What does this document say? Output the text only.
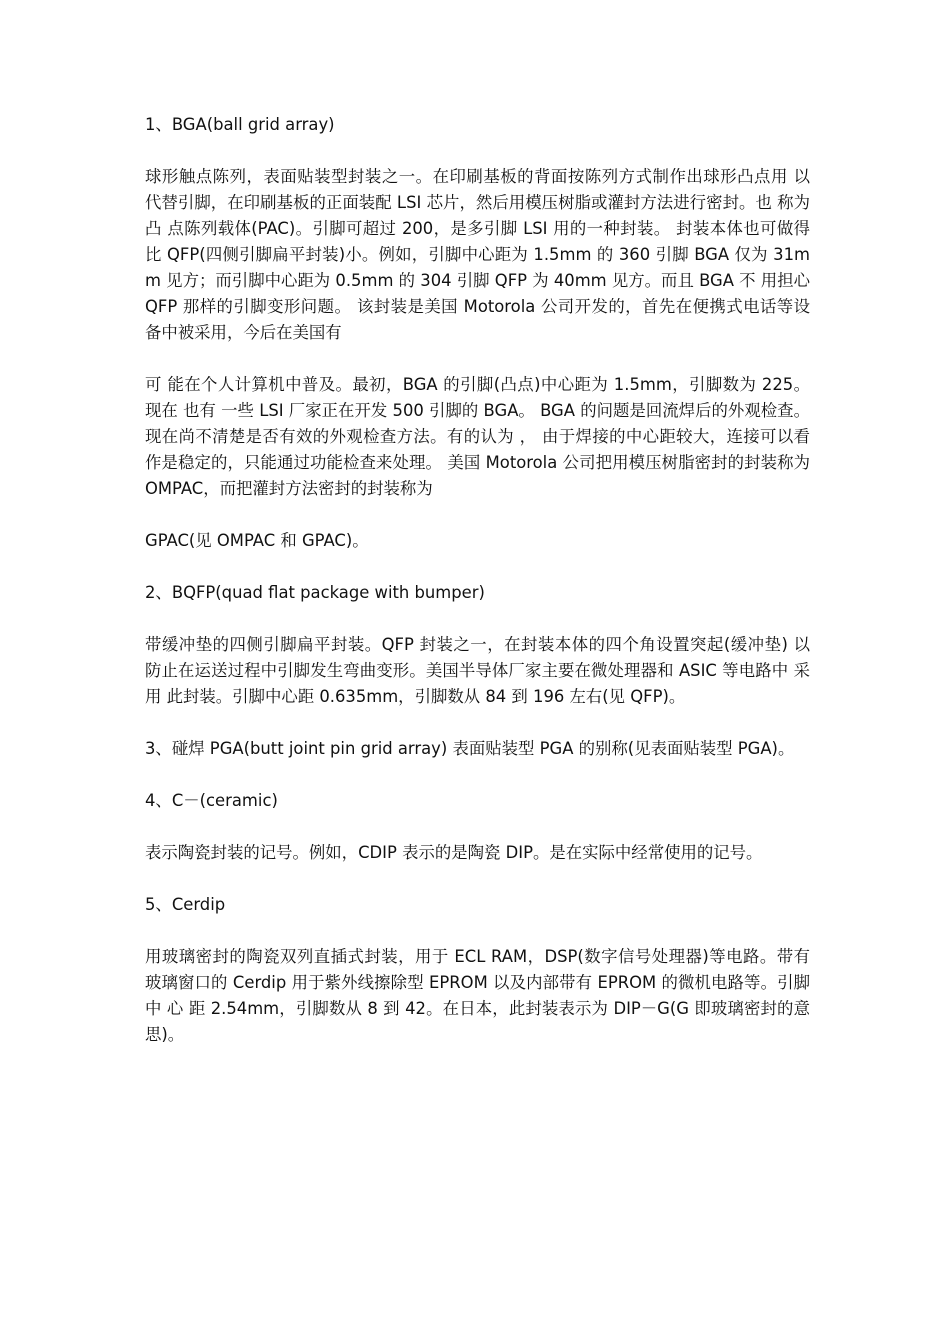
1、BGA(ball grid array)

球形触点陈列，表面贴装型封装之一。在印刷基板的背面按陈列方式制作出球形凸点用 以 代替引脚，在印刷基板的正面装配 LSI 芯片，然后用模压树脂或灌封方法进行密封。也 称为凸 点陈列载体(PAC)。引脚可超过 200，是多引脚 LSI 用的一种封装。 封装本体也可做得比 QFP(四侧引脚扁平封装)小。例如，引脚中心距为 1.5mm 的 360 引脚 BGA 仅为 31mm 见方；而引脚中心距为 0.5mm 的 304 引脚 QFP 为 40mm 见方。而且 BGA 不 用担心 QFP 那样的引脚变形问题。 该封装是美国 Motorola 公司开发的，首先在便携式电话等设备中被采用，今后在美国有

可 能在个人计算机中普及。最初，BGA 的引脚(凸点)中心距为 1.5mm，引脚数为 225。现在 也有 一些 LSI 厂家正在开发 500 引脚的 BGA。 BGA 的问题是回流焊后的外观检查。现在尚不清楚是否有效的外观检查方法。有的认为 ， 由于焊接的中心距较大，连接可以看作是稳定的，只能通过功能检查来处理。 美国 Motorola 公司把用模压树脂密封的封装称为 OMPAC，而把灌封方法密封的封装称为

GPAC(见 OMPAC 和 GPAC)。

2、BQFP(quad flat package with bumper)

带缓冲垫的四侧引脚扁平封装。QFP 封装之一，在封装本体的四个角设置突起(缓冲垫) 以 防止在运送过程中引脚发生弯曲变形。美国半导体厂家主要在微处理器和 ASIC 等电路中 采用 此封装。引脚中心距 0.635mm，引脚数从 84 到 196 左右(见 QFP)。

3、碰焊 PGA(butt joint pin grid array) 表面贴装型 PGA 的别称(见表面贴装型 PGA)。

4、C－(ceramic)

表示陶瓷封装的记号。例如，CDIP 表示的是陶瓷 DIP。是在实际中经常使用的记号。

5、Cerdip

用玻璃密封的陶瓷双列直插式封装，用于 ECL RAM，DSP(数字信号处理器)等电路。带有 玻璃窗口的 Cerdip 用于紫外线擦除型 EPROM 以及内部带有 EPROM 的微机电路等。引脚中 心 距 2.54mm，引脚数从 8 到 42。在日本，此封装表示为 DIP－G(G 即玻璃密封的意思)。
